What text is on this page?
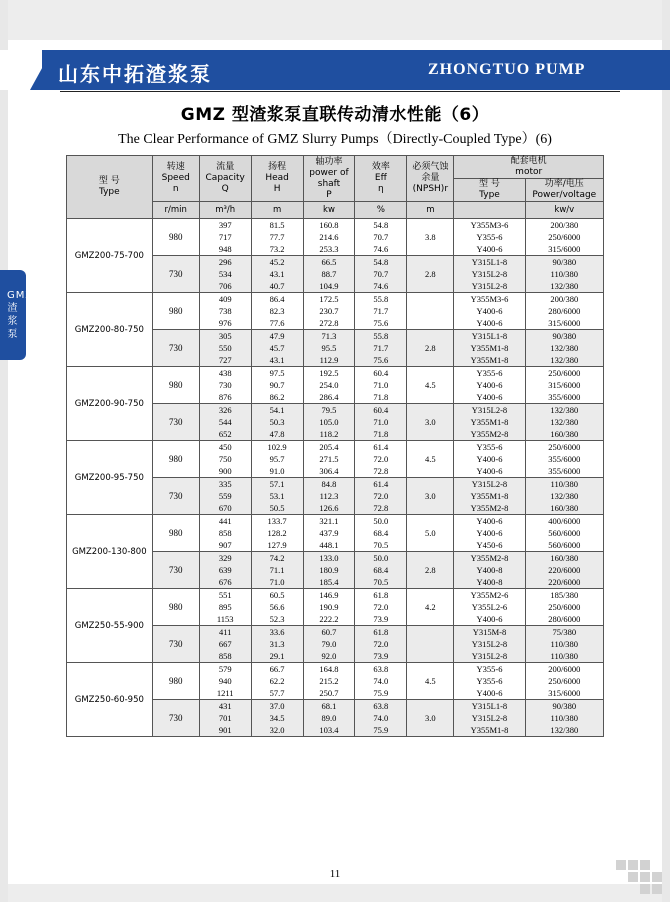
山东中拓渣浆泵	ZHONGTUO PUMP
GMZ 型渣浆泵直联传动清水性能（6）
The Clear Performance of GMZ Slurry Pumps（Directly-Coupled Type）(6)
GMZ 渣浆泵
型 号
Type	转速
Speed
n	流量
Capacity
Q	扬程
Head
H	轴功率
power of
shaft
P	效率
Eff
η	必须气蚀
余量
(NPSH)r	配套电机
motor	
							型 号
Type	功率/电压
Power/voltage
	r/min	m³/h	m	kw	%	m		kw/v
GMZ200-75-700	980	397
717
948	81.5
77.7
73.2	160.8
214.6
253.3	54.8
70.7
74.6	3.8	Y355M3-6
Y355-6
Y400-6	200/380
250/6000
315/6000
	730	296
534
706	45.2
43.1
40.7	66.5
88.7
104.9	54.8
70.7
74.6	2.8	Y315L1-8
Y315L2-8
Y315L2-8	90/380
110/380
132/380
GMZ200-80-750	980	409
738
976	86.4
82.3
77.6	172.5
230.7
272.8	55.8
71.7
75.6		Y355M3-6
Y400-6
Y400-6	200/380
280/6000
315/6000
	730	305
550
727	47.9
45.7
43.1	71.3
95.5
112.9	55.8
71.7
75.6	2.8	Y315L1-8
Y355M1-8
Y355M1-8	90/380
132/380
132/380
GMZ200-90-750	980	438
730
876	97.5
90.7
86.2	192.5
254.0
286.4	60.4
71.0
71.8	4.5	Y355-6
Y400-6
Y400-6	250/6000
315/6000
355/6000
	730	326
544
652	54.1
50.3
47.8	79.5
105.0
118.2	60.4
71.0
71.8	3.0	Y315L2-8
Y355M1-8
Y355M2-8	132/380
132/380
160/380
GMZ200-95-750	980	450
750
900	102.9
95.7
91.0	205.4
271.5
306.4	61.4
72.0
72.8	4.5	Y355-6
Y400-6
Y400-6	250/6000
355/6000
355/6000
	730	335
559
670	57.1
53.1
50.5	84.8
112.3
126.6	61.4
72.0
72.8	3.0	Y315L2-8
Y355M1-8
Y355M2-8	110/380
132/380
160/380
GMZ200-130-800	980	441
858
907	133.7
128.2
127.9	321.1
437.9
448.1	50.0
68.4
70.5	5.0	Y400-6
Y400-6
Y450-6	400/6000
560/6000
560/6000
	730	329
639
676	74.2
71.1
71.0	133.0
180.9
185.4	50.0
68.4
70.5	2.8	Y355M2-8
Y400-8
Y400-8	160/380
220/6000
220/6000
GMZ250-55-900	980	551
895
1153	60.5
56.6
52.3	146.9
190.9
222.2	61.8
72.0
73.9	4.2	Y355M2-6
Y355L2-6
Y400-6	185/380
250/6000
280/6000
	730	411
667
858	33.6
31.3
29.1	60.7
79.0
92.0	61.8
72.0
73.9		Y315M-8
Y315L2-8
Y315L2-8	75/380
110/380
110/380
GMZ250-60-950	980	579
940
1211	66.7
62.2
57.7	164.8
215.2
250.7	63.8
74.0
75.9	4.5	Y355-6
Y355-6
Y400-6	200/6000
250/6000
315/6000
	730	431
701
901	37.0
34.5
32.0	68.1
89.0
103.4	63.8
74.0
75.9	3.0	Y315L1-8
Y315L2-8
Y355M1-8	90/380
110/380
132/380
11
